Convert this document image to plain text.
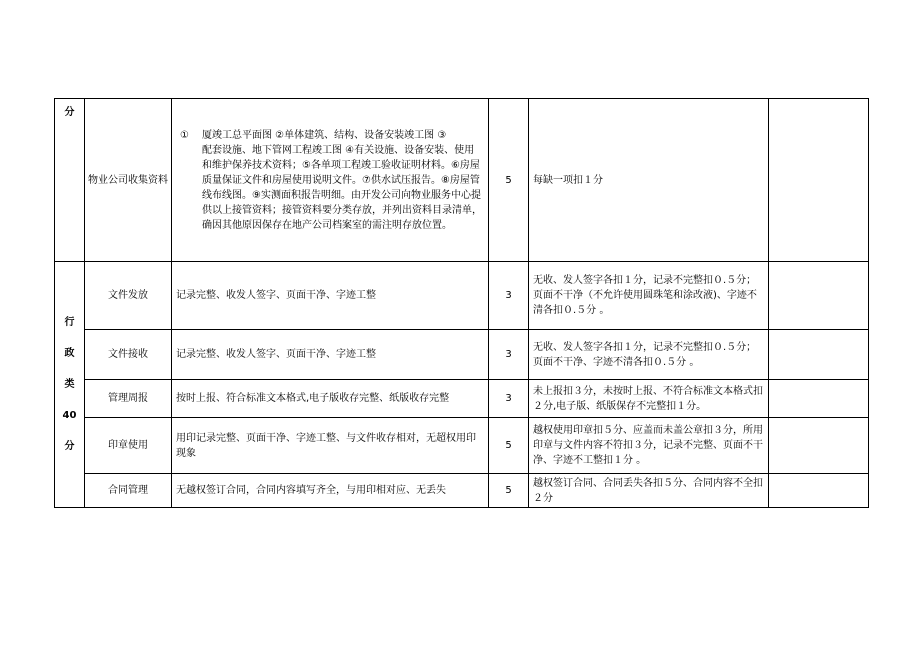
分	物业公司收集资料	① 厦竣工总平面图 ②单体建筑、结构、设备安装竣工图 ③
配套设施、地下管网工程竣工图 ④有关设施、设备安装、使用和维护保养技术资料；⑤各单项工程竣工验收证明材料。⑥房屋质量保证文件和房屋使用说明文件。⑦供水试压报告。⑧房屋管线布线图。⑨实测面积报告明细。由开发公司向物业服务中心提供以上接管资料；接管资料要分类存放，并列出资料目录清单，确因其他原因保存在地产公司档案室的需注明存放位置。	5	每缺一项扣１分	

行
政
类
40
分	文件发放	记录完整、收发人签字、页面干净、字迹工整	3	无收、发人签字各扣１分，记录不完整扣０.５分；页面不干净（不允许使用圆珠笔和涂改液)、字迹不清各扣０.５分 。	
	文件接收	记录完整、收发人签字、页面干净、字迹工整	3	无收、发人签字各扣１分，记录不完整扣０.５分；页面不干净、字迹不清各扣０.５分 。	
	管理周报	按时上报、符合标准文本格式,电子版收存完整、纸版收存完整	3	未上报扣３分，未按时上报、不符合标准文本格式扣２分,电子版、纸版保存不完整扣１分。	
	印章使用	用印记录完整、页面干净、字迹工整、与文件收存相对，无超权用印现象	5	越权使用印章扣５分、应盖而未盖公章扣３分，所用印章与文件内容不符扣３分，记录不完整、页面不干净、字迹不工整扣１分 。	
	合同管理	无越权签订合同，合同内容填写齐全，与用印相对应、无丢失	5	越权签订合同、合同丢失各扣５分、合同内容不全扣２分	
